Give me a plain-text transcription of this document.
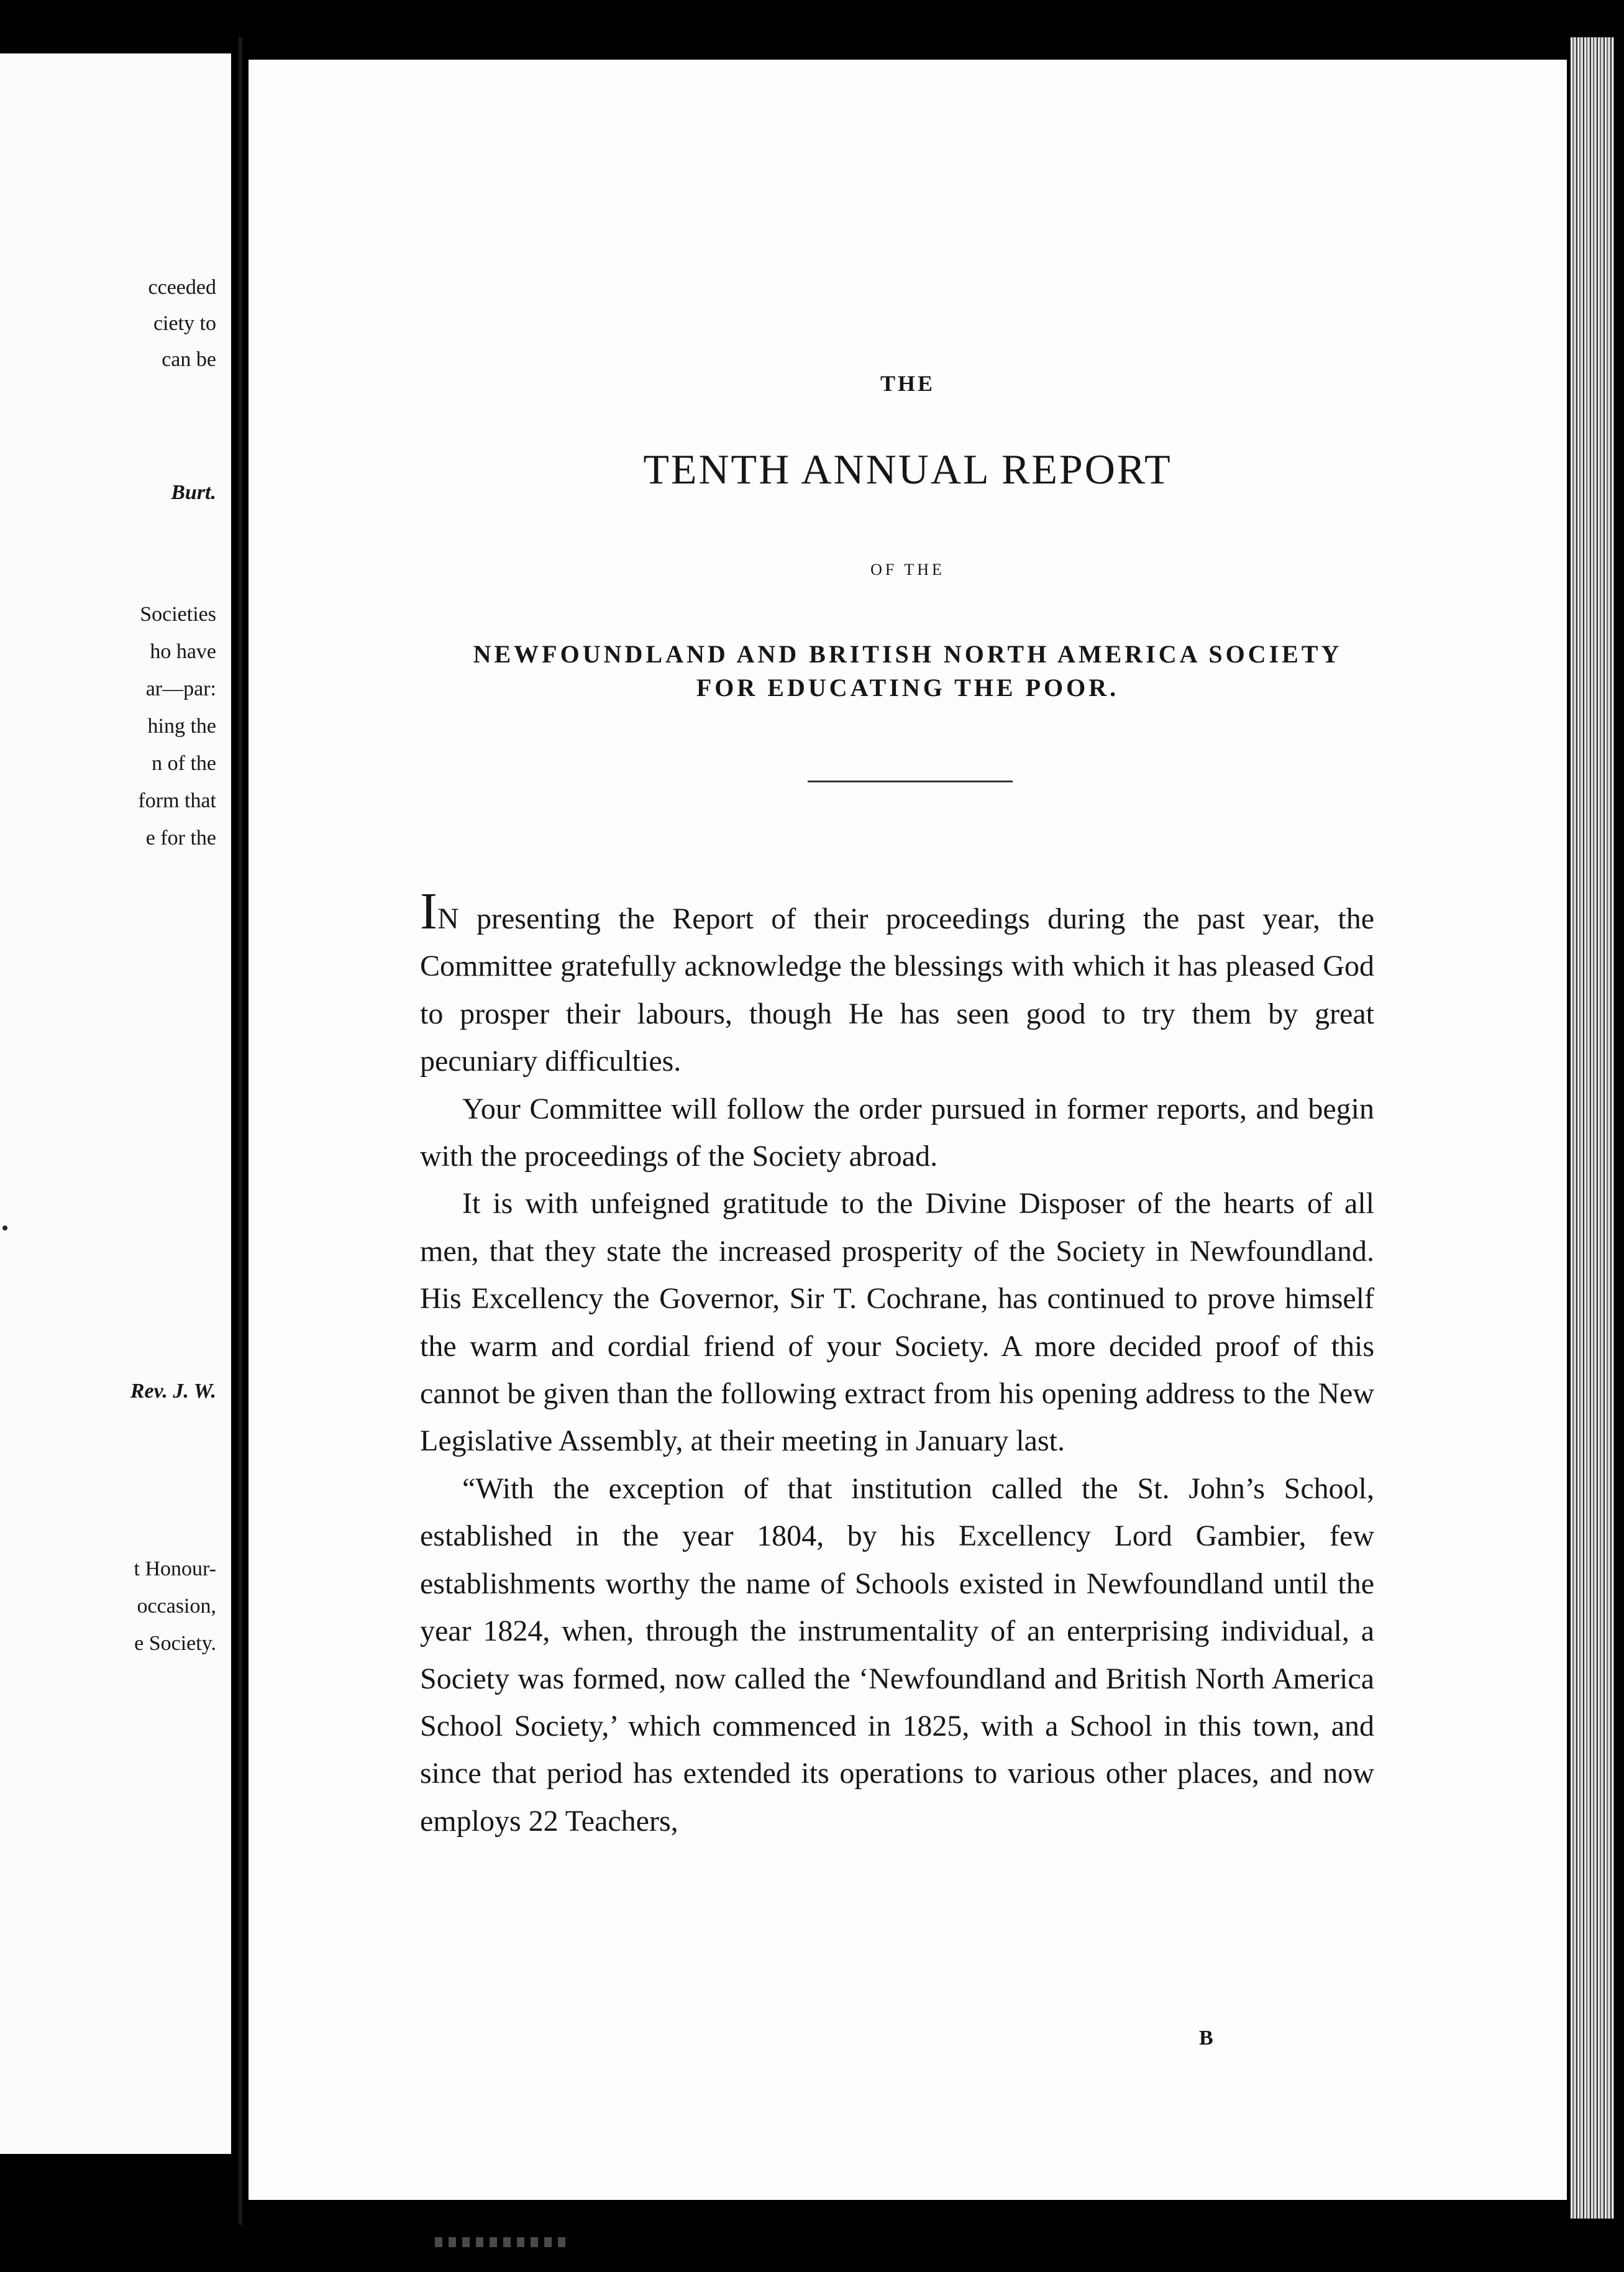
cceeded

ciety to

can be

Burt.

Societies

ho have

ar—par:

hing the

n of the

form that

e for the

Rev. J. W.

t Honour-

occasion,

e Society.

THE
TENTH ANNUAL REPORT
OF THE
NEWFOUNDLAND AND BRITISH NORTH AMERICA SOCIETY
FOR EDUCATING THE POOR.

IN presenting the Report of their proceedings during the past year, the Committee gratefully acknowledge the blessings with which it has pleased God to prosper their labours, though He has seen good to try them by great pecuniary difficulties.

Your Committee will follow the order pursued in former reports, and begin with the proceedings of the Society abroad.

It is with unfeigned gratitude to the Divine Disposer of the hearts of all men, that they state the increased prosperity of the Society in Newfoundland. His Excellency the Governor, Sir T. Cochrane, has continued to prove himself the warm and cordial friend of your Society. A more decided proof of this cannot be given than the following extract from his opening address to the New Legislative Assembly, at their meeting in January last.

“With the exception of that institution called the St. John’s School, established in the year 1804, by his Excellency Lord Gambier, few establishments worthy the name of Schools existed in Newfoundland until the year 1824, when, through the instrumentality of an enterprising individual, a Society was formed, now called the ‘Newfoundland and British North America School Society,’ which commenced in 1825, with a School in this town, and since that period has extended its operations to various other places, and now employs 22 Teachers,

B
